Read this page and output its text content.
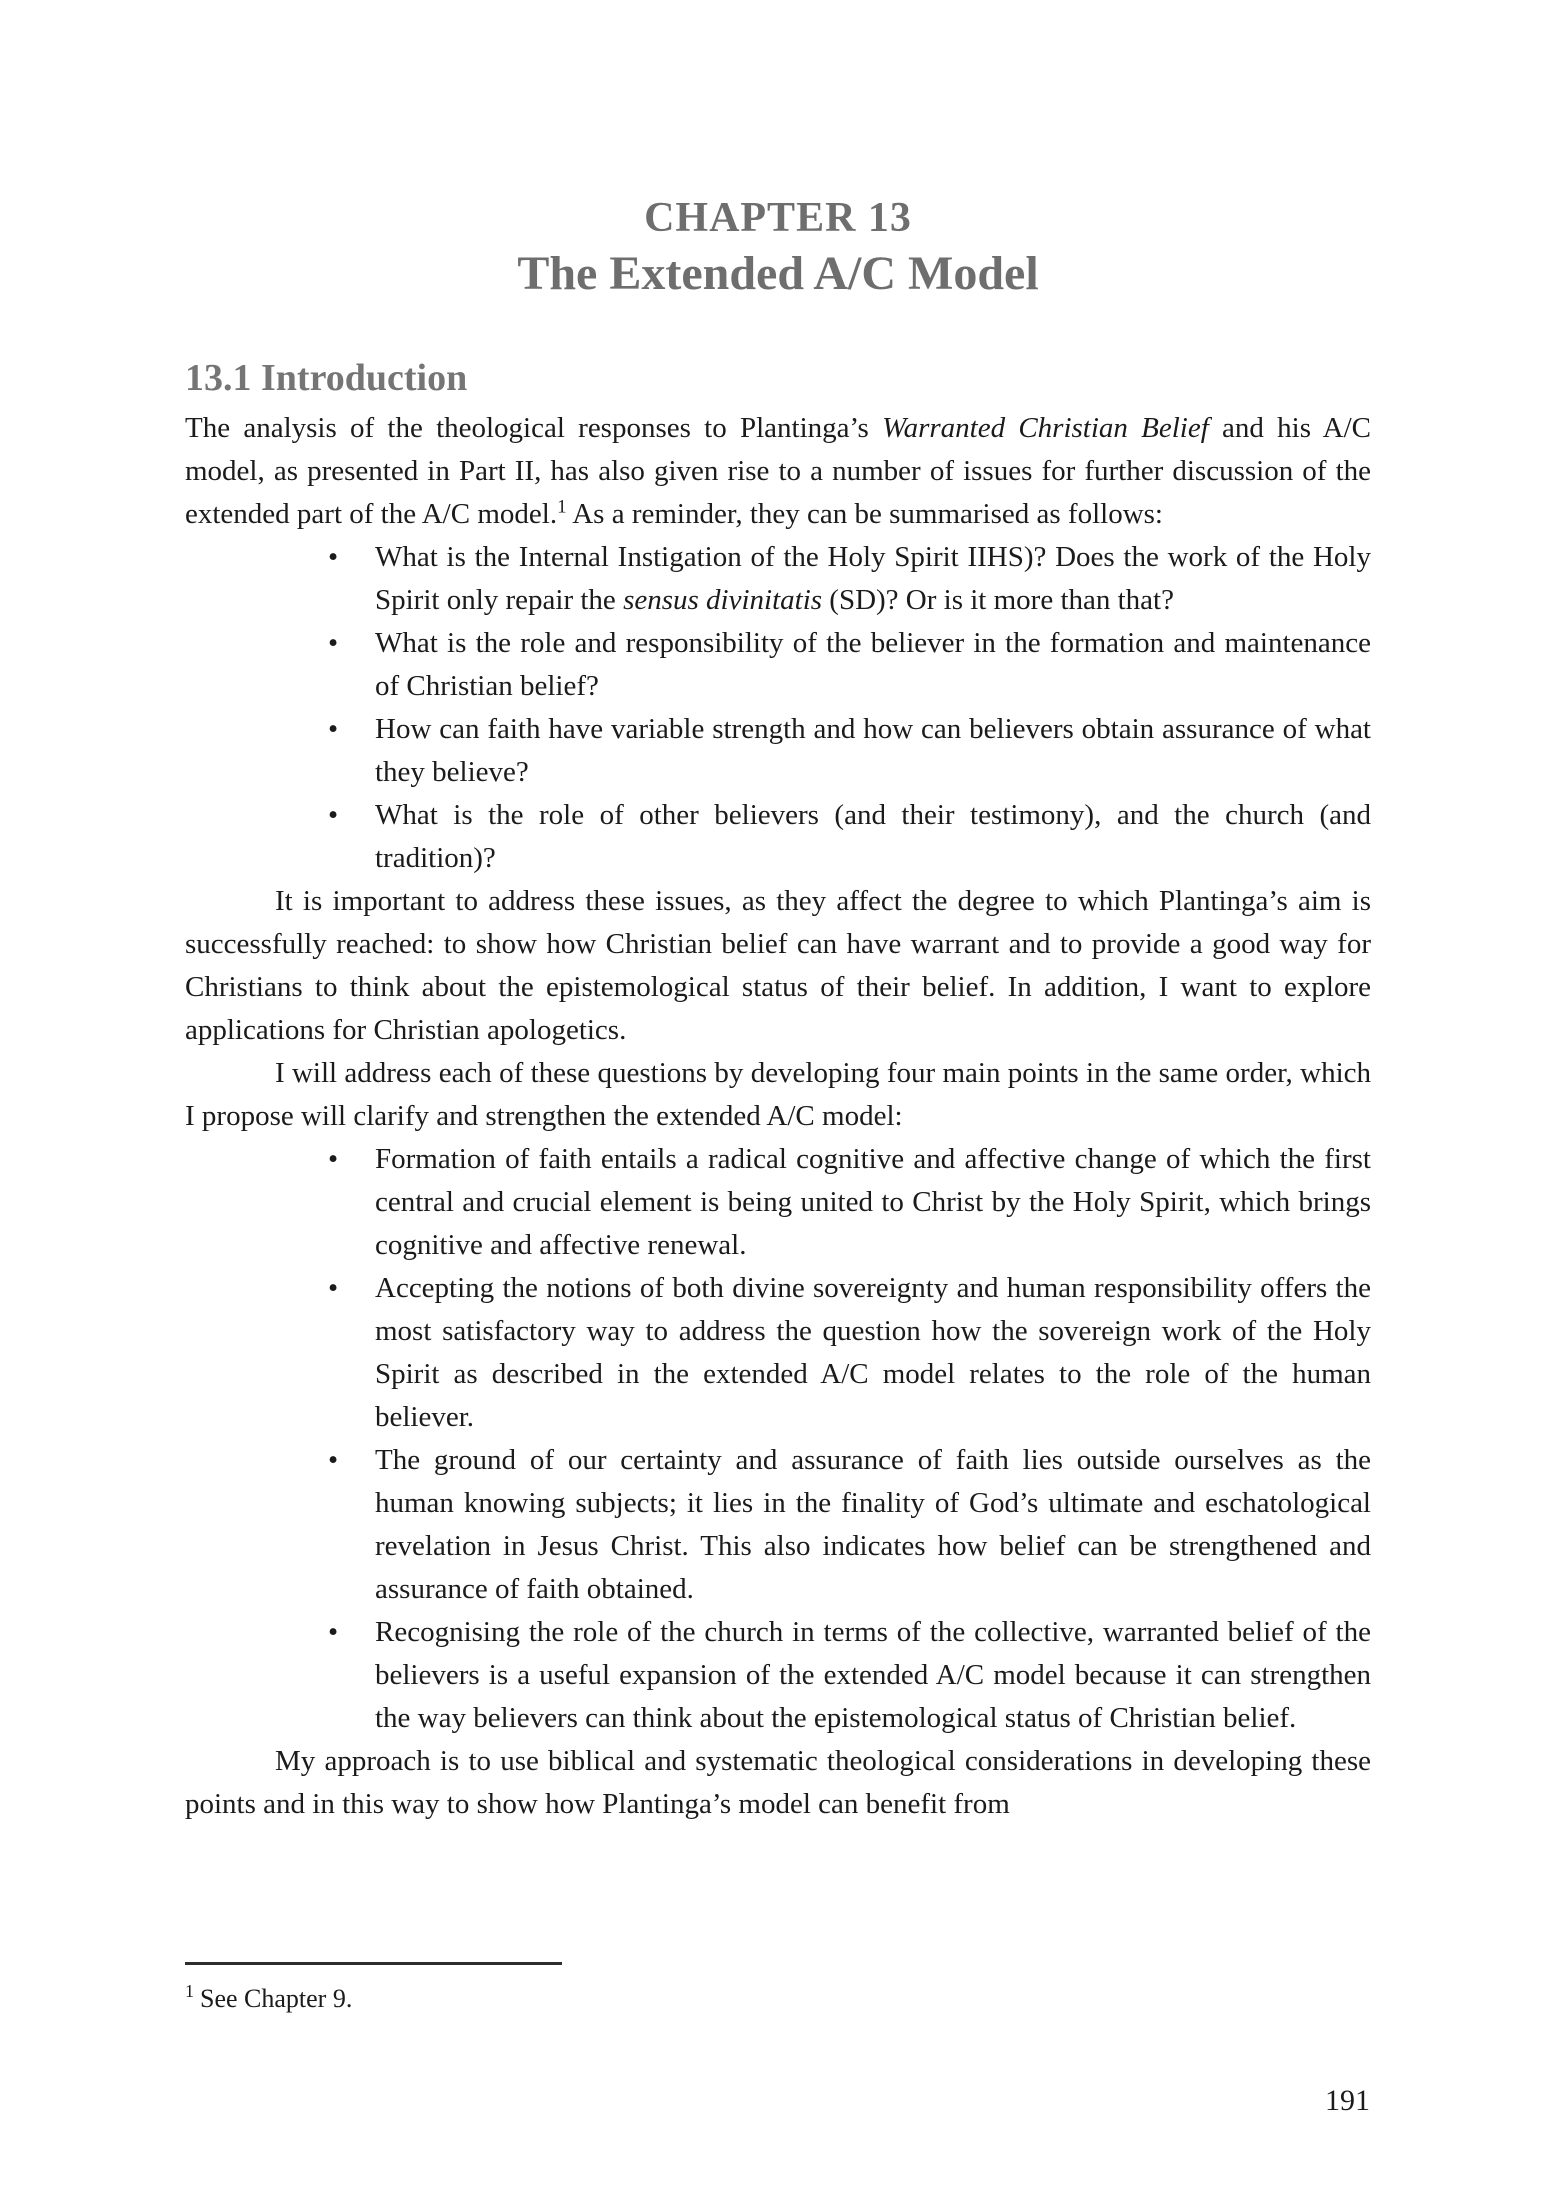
CHAPTER 13
The Extended A/C Model
13.1 Introduction

The analysis of the theological responses to Plantinga’s Warranted Christian Belief and his A/C model, as presented in Part II, has also given rise to a number of issues for further discussion of the extended part of the A/C model.$^1$ As a reminder, they can be summarised as follows:

• What is the Internal Instigation of the Holy Spirit IIHS)? Does the work of the Holy Spirit only repair the sensus divinitatis (SD)? Or is it more than that?
• What is the role and responsibility of the believer in the formation and maintenance of Christian belief?
• How can faith have variable strength and how can believers obtain assurance of what they believe?
• What is the role of other believers (and their testimony), and the church (and tradition)?

It is important to address these issues, as they affect the degree to which Plantinga’s aim is successfully reached: to show how Christian belief can have warrant and to provide a good way for Christians to think about the epistemological status of their belief. In addition, I want to explore applications for Christian apologetics.

I will address each of these questions by developing four main points in the same order, which I propose will clarify and strengthen the extended A/C model:

• Formation of faith entails a radical cognitive and affective change of which the first central and crucial element is being united to Christ by the Holy Spirit, which brings cognitive and affective renewal.
• Accepting the notions of both divine sovereignty and human responsibility offers the most satisfactory way to address the question how the sovereign work of the Holy Spirit as described in the extended A/C model relates to the role of the human believer.
• The ground of our certainty and assurance of faith lies outside ourselves as the human knowing subjects; it lies in the finality of God’s ultimate and eschatological revelation in Jesus Christ. This also indicates how belief can be strengthened and assurance of faith obtained.
• Recognising the role of the church in terms of the collective, warranted belief of the believers is a useful expansion of the extended A/C model because it can strengthen the way believers can think about the epistemological status of Christian belief.

My approach is to use biblical and systematic theological considerations in developing these points and in this way to show how Plantinga’s model can benefit from

$^1$ See Chapter 9.
191
